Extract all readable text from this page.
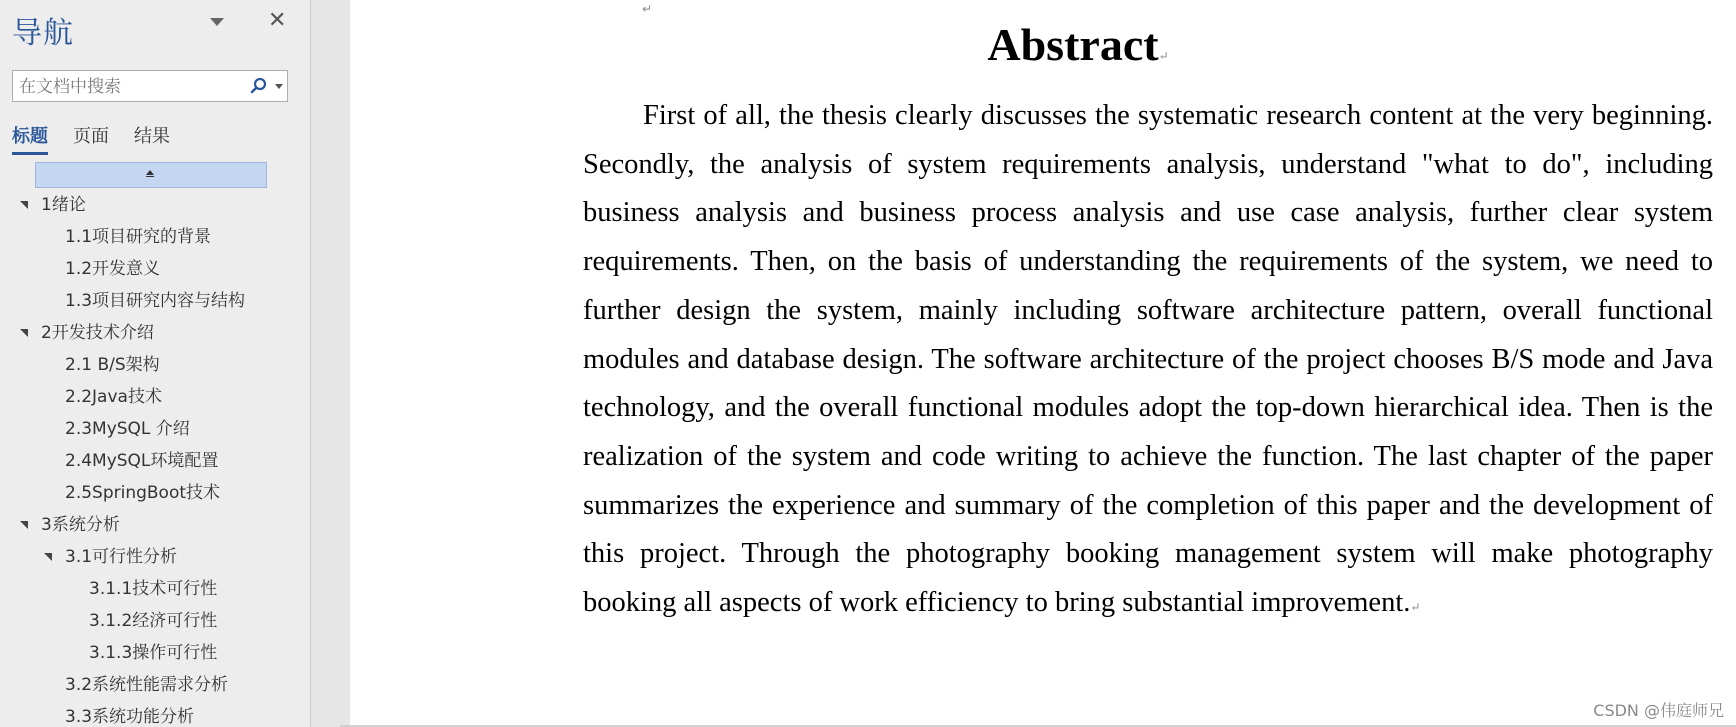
导航	✕
在文档中搜索
标题 页面 结果
1绪论
1.1项目研究的背景
1.2开发意义
1.3项目研究内容与结构
2开发技术介绍
2.1 B/S架构
2.2Java技术
2.3MySQL 介绍
2.4MySQL环境配置
2.5SpringBoot技术
3系统分析
3.1可行性分析
3.1.1技术可行性
3.1.2经济可行性
3.1.3操作可行性
3.2系统性能需求分析
3.3系统功能分析
↵
Abstract↵
First of all, the thesis clearly discusses the systematic research content at the very beginning. Secondly, the analysis of system requirements analysis, understand "what to do", including business analysis and business process analysis and use case analysis, further clear system requirements. Then, on the basis of understanding the requirements of the system, we need to further design the system, mainly including software architecture pattern, overall functional modules and database design. The software architecture of the project chooses B/S mode and Java technology, and the overall functional modules adopt the top-down hierarchical idea. Then is the realization of the system and code writing to achieve the function. The last chapter of the paper summarizes the experience and summary of the completion of this paper and the development of this project. Through the photography booking management system will make photography booking all aspects of work efficiency to bring substantial improvement.↵
CSDN @伟庭师兄
